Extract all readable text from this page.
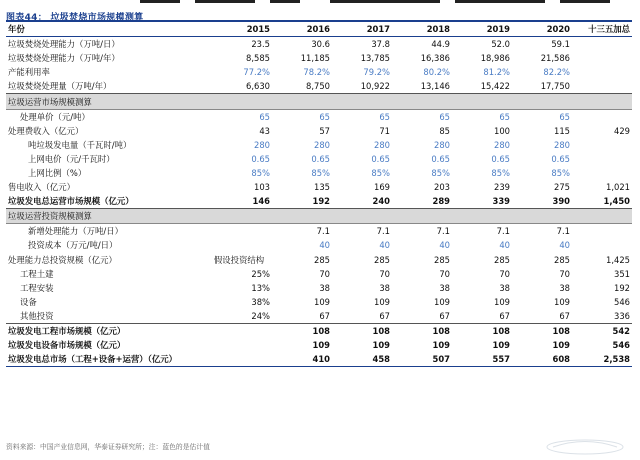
图表44： 垃圾焚烧市场规模测算
年份	2015	2016	2017	2018	2019	2020	十三五加总
垃圾焚烧处理能力（万吨/日）	23.5	30.6	37.8	44.9	52.0	59.1	
垃圾焚烧处理能力（万吨/年）	8,585	11,185	13,785	16,386	18,986	21,586	
产能利用率	77.2%	78.2%	79.2%	80.2%	81.2%	82.2%	
垃圾焚烧处理量（万吨/年）	6,630	8,750	10,922	13,146	15,422	17,750	
垃圾运营市场规模测算							
处理单价（元/吨）	65	65	65	65	65	65	
处理费收入（亿元）	43	57	71	85	100	115	429
吨垃圾发电量（千瓦时/吨）	280	280	280	280	280	280	
上网电价（元/千瓦时）	0.65	0.65	0.65	0.65	0.65	0.65	
上网比例（%）	85%	85%	85%	85%	85%	85%	
售电收入（亿元）	103	135	169	203	239	275	1,021
垃圾发电总运营市场规模（亿元）	146	192	240	289	339	390	1,450
垃圾运营投资规模测算							
新增处理能力（万吨/日）		7.1	7.1	7.1	7.1	7.1	
投资成本（万元/吨/日）		40	40	40	40	40	
处理能力总投资规模（亿元）	假设投资结构	285	285	285	285	285	1,425
工程土建	25%	70	70	70	70	70	351
工程安装	13%	38	38	38	38	38	192
设备	38%	109	109	109	109	109	546
其他投资	24%	67	67	67	67	67	336
垃圾发电工程市场规模（亿元）		108	108	108	108	108	542
垃圾发电设备市场规模（亿元）		109	109	109	109	109	546
垃圾发电总市场（工程+设备+运营）（亿元）		410	458	507	557	608	2,538
资料来源：中国产业信息网，华泰证券研究所；注：蓝色的是估计值
